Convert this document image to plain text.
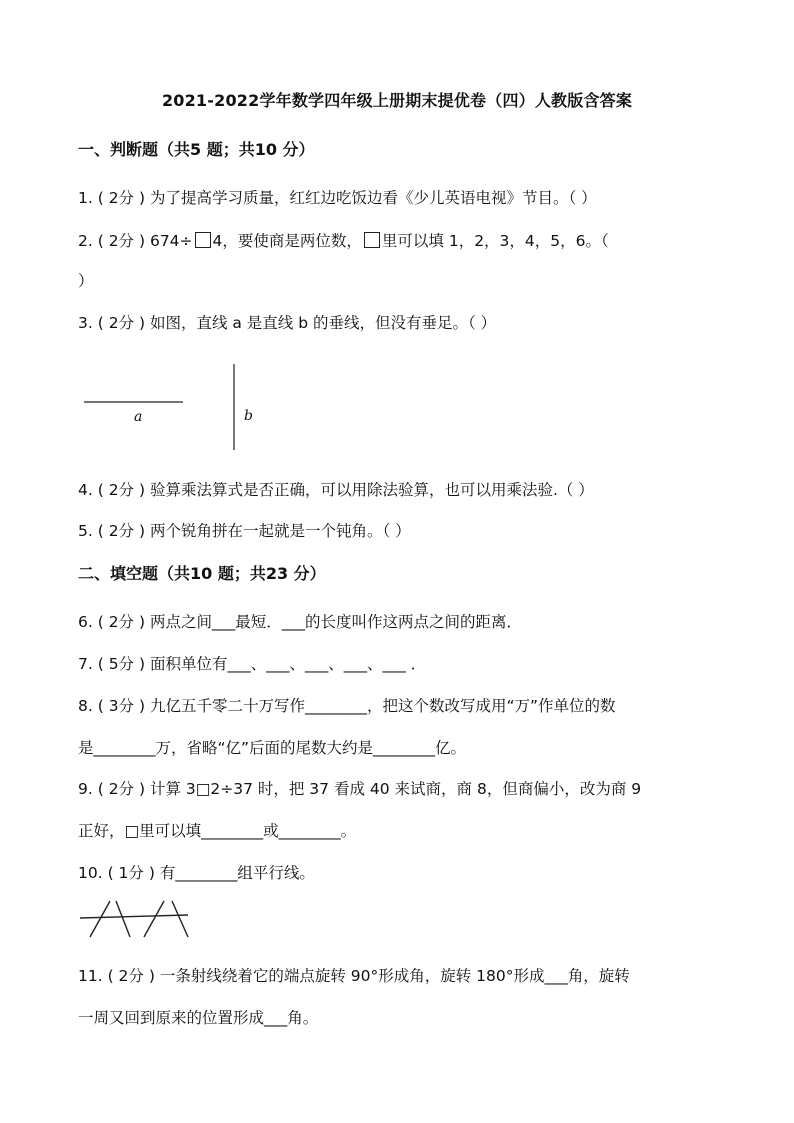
2021-2022学年数学四年级上册期末提优卷（四）人教版含答案
一、判断题（共5 题；共10 分）
1. ( 2分 ) 为了提高学习质量，红红边吃饭边看《少儿英语电视》节目。（ ）
2. ( 2分 ) 674÷ 4，要使商是两位数， 里可以填 1，2，3，4，5，6。（
）
3. ( 2分 ) 如图，直线 a 是直线 b 的垂线，但没有垂足。（ ）
a	b
4. ( 2分 ) 验算乘法算式是否正确，可以用除法验算，也可以用乘法验.（ ）
5. ( 2分 ) 两个锐角拼在一起就是一个钝角。（ ）
二、填空题（共10 题；共23 分）
6. ( 2分 ) 两点之间___最短．___的长度叫作这两点之间的距离．
7. ( 5分 ) 面积单位有___、___、___、___、___ ．
8. ( 3分 ) 九亿五千零二十万写作________，把这个数改写成用“万”作单位的数
是________万，省略“亿”后面的尾数大约是________亿。
9. ( 2分 ) 计算 3□2÷37 时，把 37 看成 40 来试商，商 8，但商偏小，改为商 9
正好，□里可以填________或________。
10. ( 1分 ) 有________组平行线。
11. ( 2分 ) 一条射线绕着它的端点旋转 90°形成角，旋转 180°形成___角，旋转
一周又回到原来的位置形成___角。
